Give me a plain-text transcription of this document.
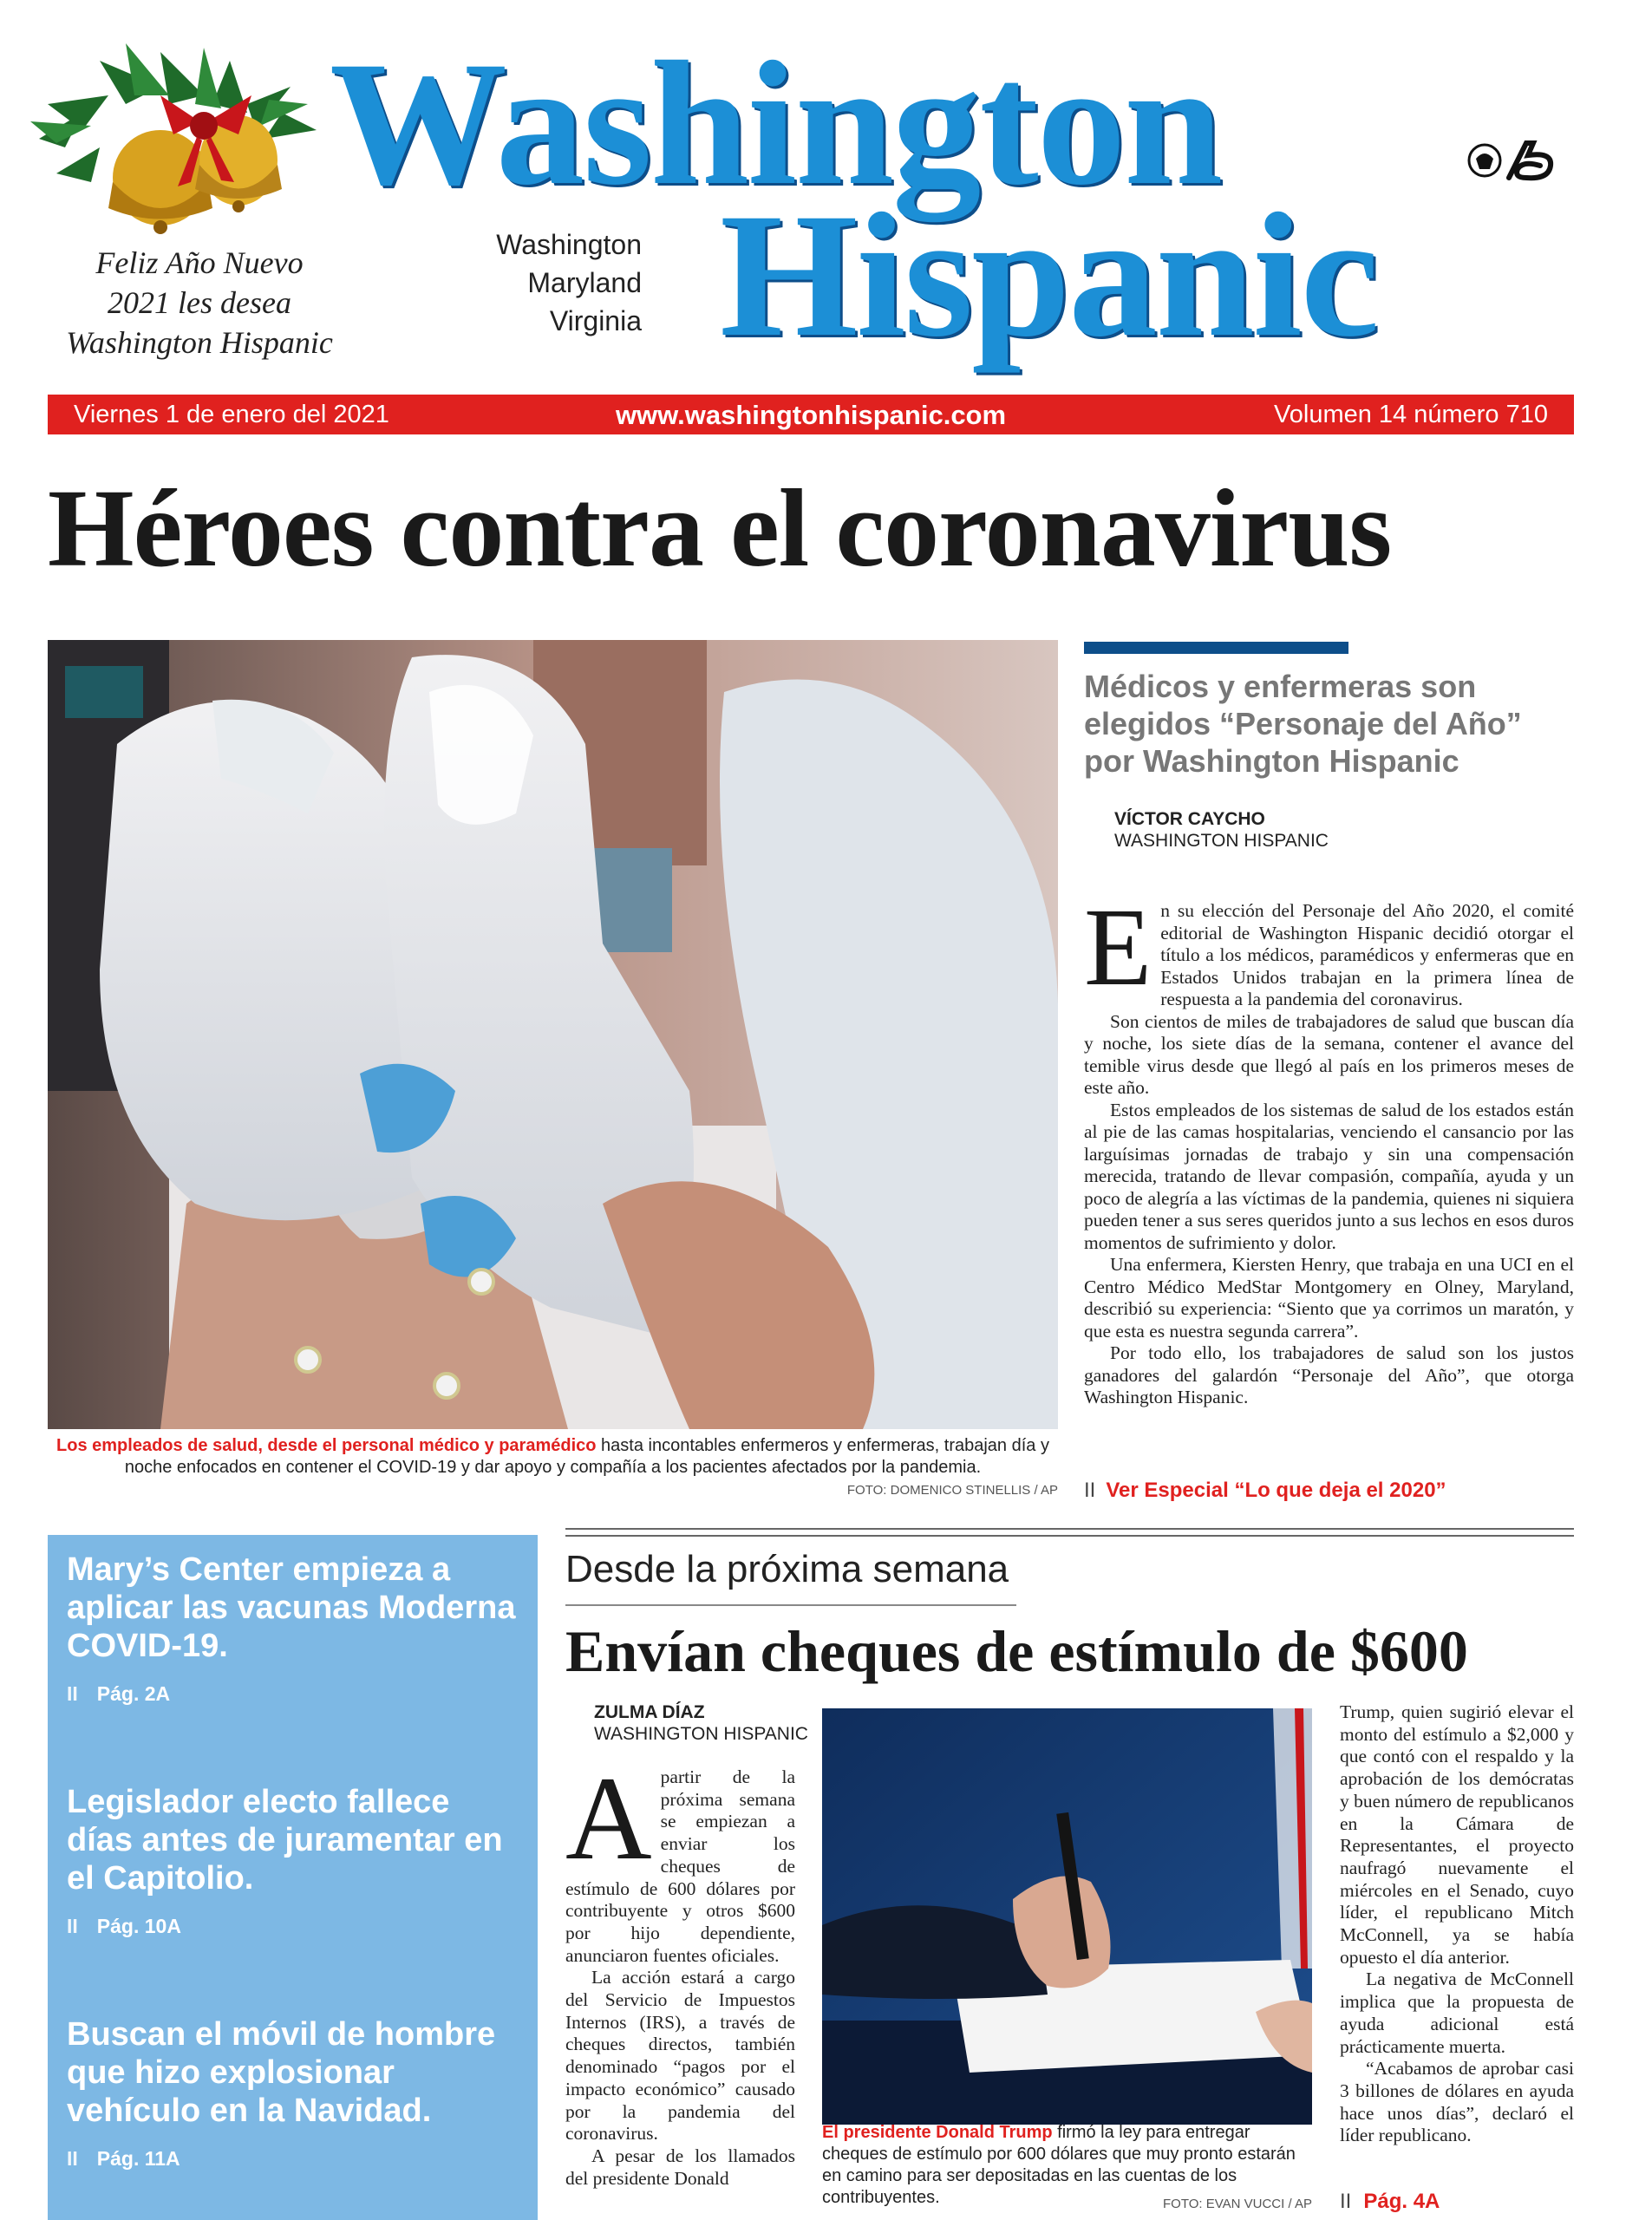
Washington
Hispanic
Washington
Maryland
Virginia
Feliz Año Nuevo
2021 les desea
Washington Hispanic
Viernes 1 de enero del 2021	www.washingtonhispanic.com	Volumen 14 número 710
Héroes contra el coronavirus
Los empleados de salud, desde el personal médico y paramédico hasta incontables enfermeros y enfermeras, trabajan día y noche enfocados en contener el COVID-19 y dar apoyo y compañía a los pacientes afectados por la pandemia.
FOTO: DOMENICO STINELLIS / AP
Médicos y enfermeras son elegidos “Personaje del Año” por Washington Hispanic
VÍCTOR CAYCHO
WASHINGTON HISPANIC

En su elección del Personaje del Año 2020, el comité editorial de Washington Hispanic decidió otorgar el título a los médicos, paramédicos y enfermeras que en Estados Unidos trabajan en la primera línea de respuesta a la pandemia del coronavirus.

Son cientos de miles de trabajadores de salud que buscan día y noche, los siete días de la semana, contener el avance del temible virus desde que llegó al país en los primeros meses de este año.

Estos empleados de los sistemas de salud de los estados están al pie de las camas hospitalarias, venciendo el cansancio por las larguísimas jornadas de trabajo y sin una compensación merecida, tratando de llevar compasión, compañía, ayuda y un poco de alegría a las víctimas de la pandemia, quienes ni siquiera pueden tener a sus seres queridos junto a sus lechos en esos duros momentos de sufrimiento y dolor.

Una enfermera, Kiersten Henry, que trabaja en una UCI en el Centro Médico MedStar Montgomery en Olney, Maryland, describió su experiencia: “Siento que ya corrimos un maratón, y que esta es nuestra segunda carrera”.

Por todo ello, los trabajadores de salud son los justos ganadores del galardón “Personaje del Año”, que otorga Washington Hispanic.

II Ver Especial “Lo que deja el 2020”
Mary’s Center empieza a aplicar las vacunas Moderna COVID-19.
II Pág. 2A
Legislador electo fallece días antes de juramentar en el Capitolio.
II Pág. 10A
Buscan el móvil de hombre que hizo explosionar vehículo en la Navidad.
II Pág. 11A
Desde la próxima semana
Envían cheques de estímulo de $600
ZULMA DÍAZ
WASHINGTON HISPANIC

Apartir de la próxima semana se empiezan a enviar los cheques de estímulo de 600 dólares por contribuyente y otros $600 por hijo dependiente, anunciaron fuentes oficiales.

La acción estará a cargo del Servicio de Impuestos Internos (IRS), a través de cheques directos, también denominado “pagos por el impacto económico” causado por la pandemia del coronavirus.

A pesar de los llamados del presidente Donald

El presidente Donald Trump firmó la ley para entregar cheques de estímulo por 600 dólares que muy pronto estarán en camino para ser depositadas en las cuentas de los contribuyentes.	FOTO: EVAN VUCCI / AP

Trump, quien sugirió elevar el monto del estímulo a $2,000 y que contó con el respaldo y la aprobación de los demócratas y buen número de republicanos en la Cámara de Representantes, el proyecto naufragó nuevamente el miércoles en el Senado, cuyo líder, el republicano Mitch McConnell, ya se había opuesto el día anterior.

La negativa de McConnell implica que la propuesta de ayuda adicional está prácticamente muerta.

“Acabamos de aprobar casi 3 billones de dólares en ayuda hace unos días”, declaró el líder republicano.

II Pág. 4A
